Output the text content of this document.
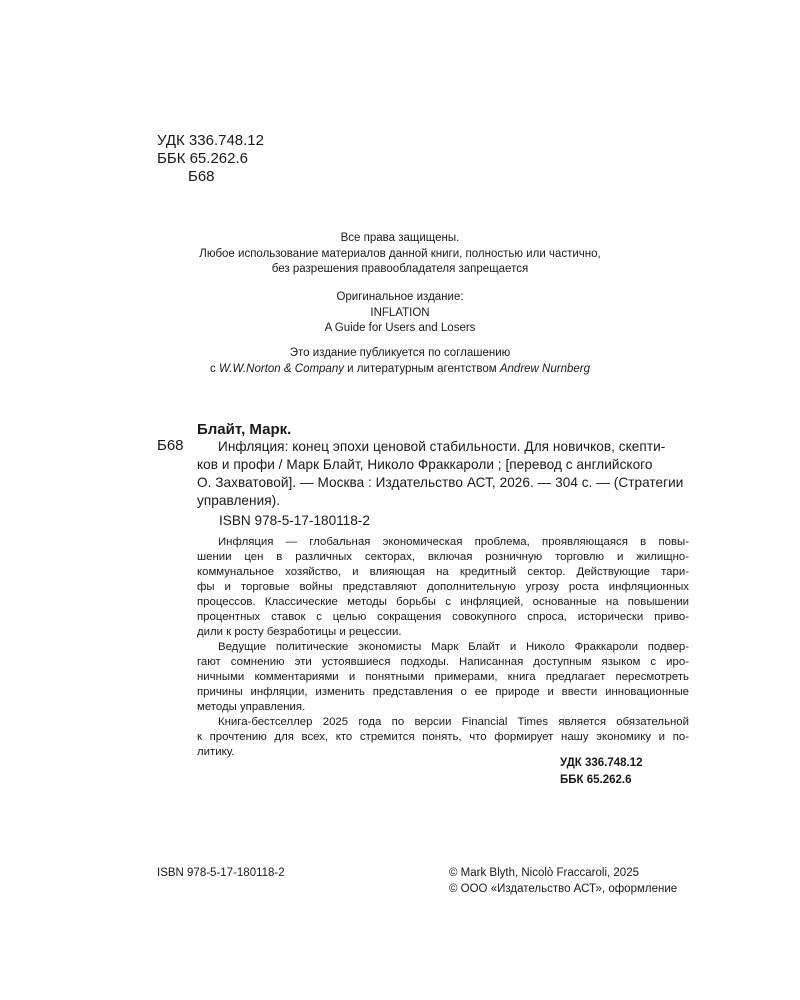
УДК 336.748.12
ББК 65.262.6
Б68
Все права защищены.
Любое использование материалов данной книги, полностью или частично,
без разрешения правообладателя запрещается
Оригинальное издание:
INFLATION
A Guide for Users and Losers
Это издание публикуется по соглашению
с W.W.Norton & Company и литературным агентством Andrew Nurnberg
Блайт, Марк.
Б68	Инфляция: конец эпохи ценовой стабильности. Для новичков, скепти-
ков и профи / Марк Блайт, Николо Фраккароли ; [перевод с английского
О. Захватовой]. — Москва : Издательство АСТ, 2026. — 304 с. — (Стратегии
управления).
ISBN 978-5-17-180118-2
Инфляция — глобальная экономическая проблема, проявляющаяся в повы-
шении цен в различных секторах, включая розничную торговлю и жилищно-
коммунальное хозяйство, и влияющая на кредитный сектор. Действующие тари-
фы и торговые войны представляют дополнительную угрозу роста инфляционных
процессов. Классические методы борьбы с инфляцией, основанные на повышении
процентных ставок с целью сокращения совокупного спроса, исторически приво-
дили к росту безработицы и рецессии.
Ведущие политические экономисты Марк Блайт и Николо Фраккароли подвер-
гают сомнению эти устоявшиеся подходы. Написанная доступным языком с иро-
ничными комментариями и понятными примерами, книга предлагает пересмотреть
причины инфляции, изменить представления о ее природе и ввести инновационные
методы управления.
Книга-бестселлер 2025 года по версии Financial Times является обязательной
к прочтению для всех, кто стремится понять, что формирует нашу экономику и по-
литику.
УДК 336.748.12
ББК 65.262.6
ISBN 978-5-17-180118-2	© Mark Blyth, Nicolò Fraccaroli, 2025
© ООО «Издательство АСТ», оформление
